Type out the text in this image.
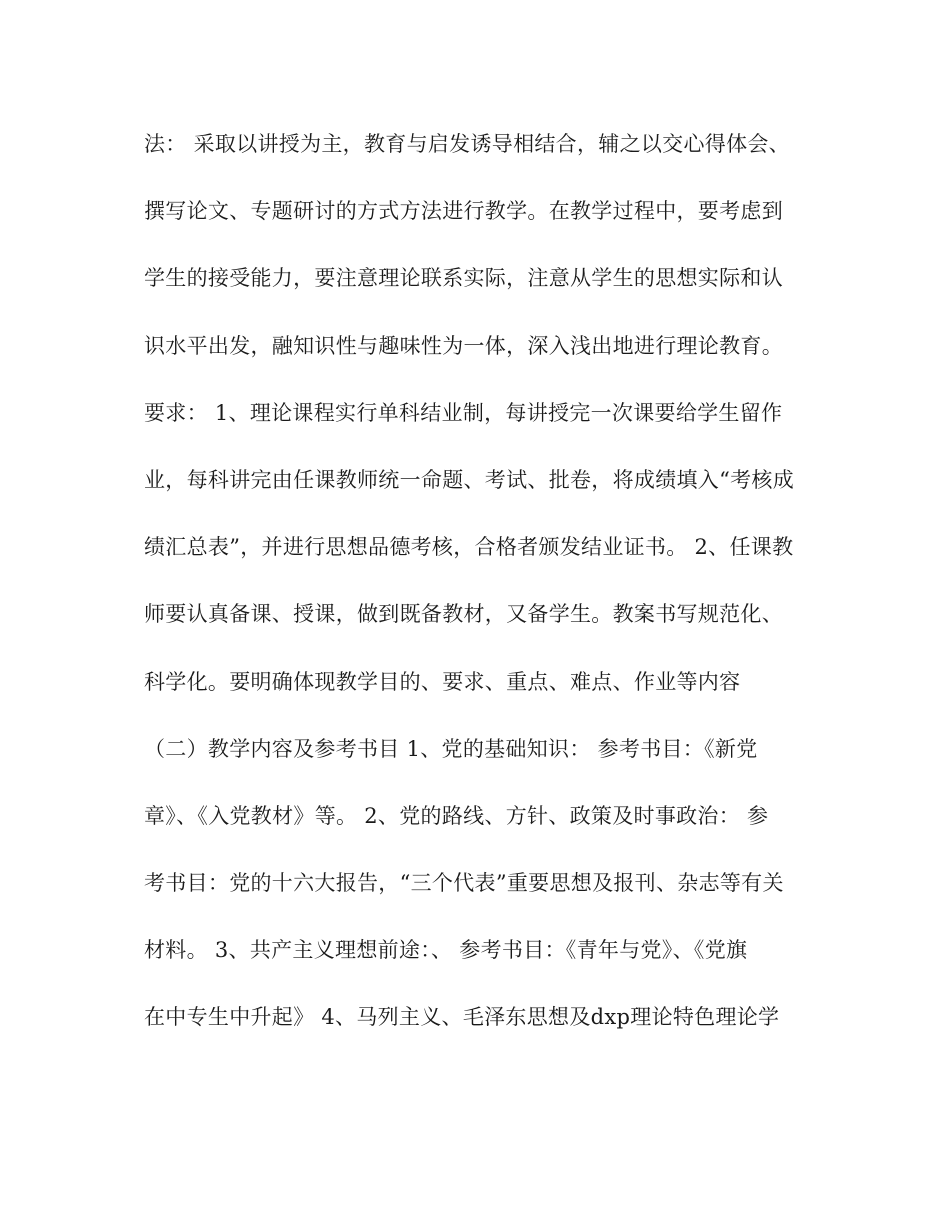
法： 采取以讲授为主，教育与启发诱导相结合，辅之以交心得体会、
撰写论文、专题研讨的方式方法进行教学。在教学过程中，要考虑到
学生的接受能力，要注意理论联系实际，注意从学生的思想实际和认
识水平出发，融知识性与趣味性为一体，深入浅出地进行理论教育。
要求： 1、理论课程实行单科结业制，每讲授完一次课要给学生留作
业，每科讲完由任课教师统一命题、考试、批卷，将成绩填入“考核成
绩汇总表”，并进行思想品德考核，合格者颁发结业证书。 2、任课教
师要认真备课、授课，做到既备教材，又备学生。教案书写规范化、
科学化。要明确体现教学目的、要求、重点、难点、作业等内容
（二）教学内容及参考书目 1、党的基础知识： 参考书目：《新党
章》、《入党教材》等。 2、党的路线、方针、政策及时事政治： 参
考书目：党的十六大报告，“三个代表”重要思想及报刊、杂志等有关
材料。 3、共产主义理想前途：、 参考书目：《青年与党》、《党旗
在中专生中升起》 4、马列主义、毛泽东思想及dxp理论特色理论学
